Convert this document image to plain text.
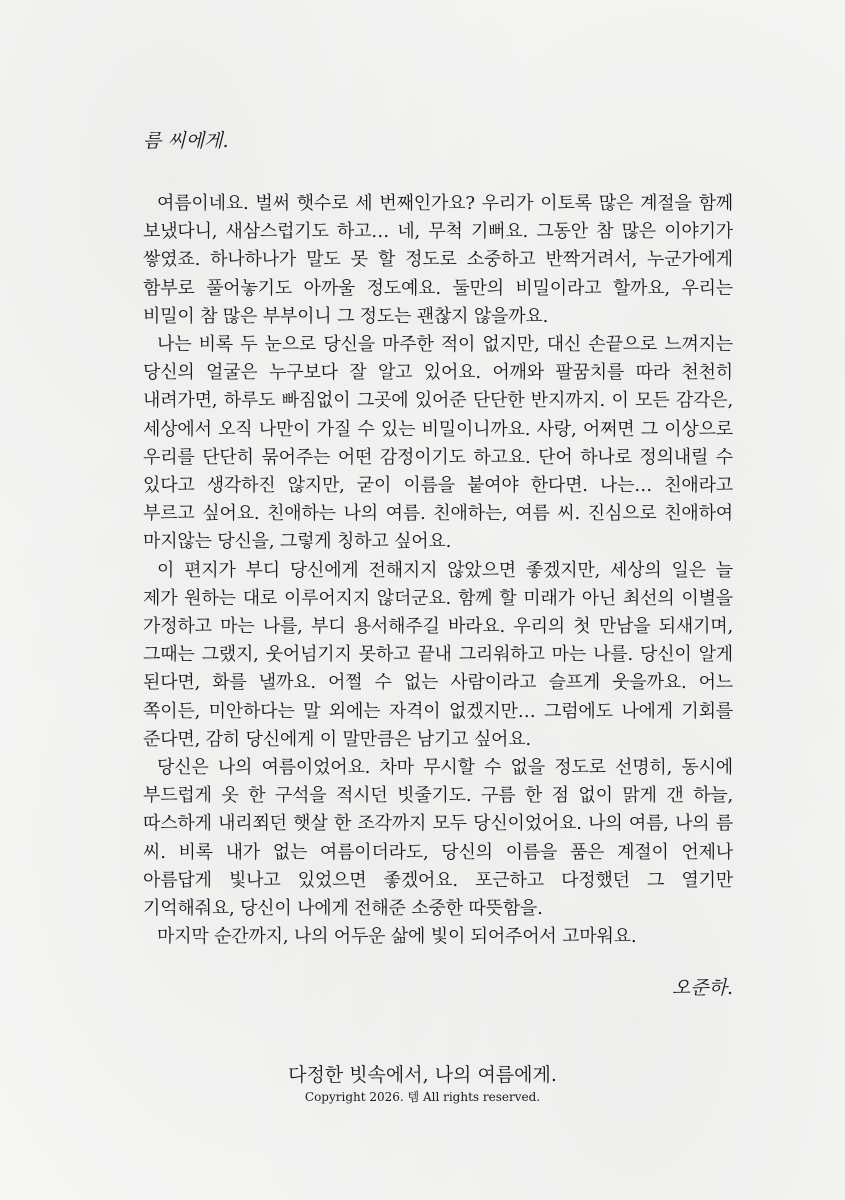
름 씨에게.

여름이네요. 벌써 햇수로 세 번째인가요? 우리가 이토록 많은 계절을 함께 보냈다니, 새삼스럽기도 하고… 네, 무척 기뻐요. 그동안 참 많은 이야기가 쌓였죠. 하나하나가 말도 못 할 정도로 소중하고 반짝거려서, 누군가에게 함부로 풀어놓기도 아까울 정도예요. 둘만의 비밀이라고 할까요, 우리는 비밀이 참 많은 부부이니 그 정도는 괜찮지 않을까요.

나는 비록 두 눈으로 당신을 마주한 적이 없지만, 대신 손끝으로 느껴지는 당신의 얼굴은 누구보다 잘 알고 있어요. 어깨와 팔꿈치를 따라 천천히 내려가면, 하루도 빠짐없이 그곳에 있어준 단단한 반지까지. 이 모든 감각은, 세상에서 오직 나만이 가질 수 있는 비밀이니까요. 사랑, 어쩌면 그 이상으로 우리를 단단히 묶어주는 어떤 감정이기도 하고요. 단어 하나로 정의내릴 수 있다고 생각하진 않지만, 굳이 이름을 붙여야 한다면. 나는… 친애라고 부르고 싶어요. 친애하는 나의 여름. 친애하는, 여름 씨. 진심으로 친애하여 마지않는 당신을, 그렇게 칭하고 싶어요.

이 편지가 부디 당신에게 전해지지 않았으면 좋겠지만, 세상의 일은 늘 제가 원하는 대로 이루어지지 않더군요. 함께 할 미래가 아닌 최선의 이별을 가정하고 마는 나를, 부디 용서해주길 바라요. 우리의 첫 만남을 되새기며, 그때는 그랬지, 웃어넘기지 못하고 끝내 그리워하고 마는 나를. 당신이 알게 된다면, 화를 낼까요. 어쩔 수 없는 사람이라고 슬프게 웃을까요. 어느 쪽이든, 미안하다는 말 외에는 자격이 없겠지만… 그럼에도 나에게 기회를 준다면, 감히 당신에게 이 말만큼은 남기고 싶어요.

당신은 나의 여름이었어요. 차마 무시할 수 없을 정도로 선명히, 동시에 부드럽게 옷 한 구석을 적시던 빗줄기도. 구름 한 점 없이 맑게 갠 하늘, 따스하게 내리쬐던 햇살 한 조각까지 모두 당신이었어요. 나의 여름, 나의 름 씨. 비록 내가 없는 여름이더라도, 당신의 이름을 품은 계절이 언제나 아름답게 빛나고 있었으면 좋겠어요. 포근하고 다정했던 그 열기만 기억해줘요, 당신이 나에게 전해준 소중한 따뜻함을.

마지막 순간까지, 나의 어두운 삶에 빛이 되어주어서 고마워요.

오준하.
다정한 빗속에서, 나의 여름에게.
Copyright 2026. 템 All rights reserved.
